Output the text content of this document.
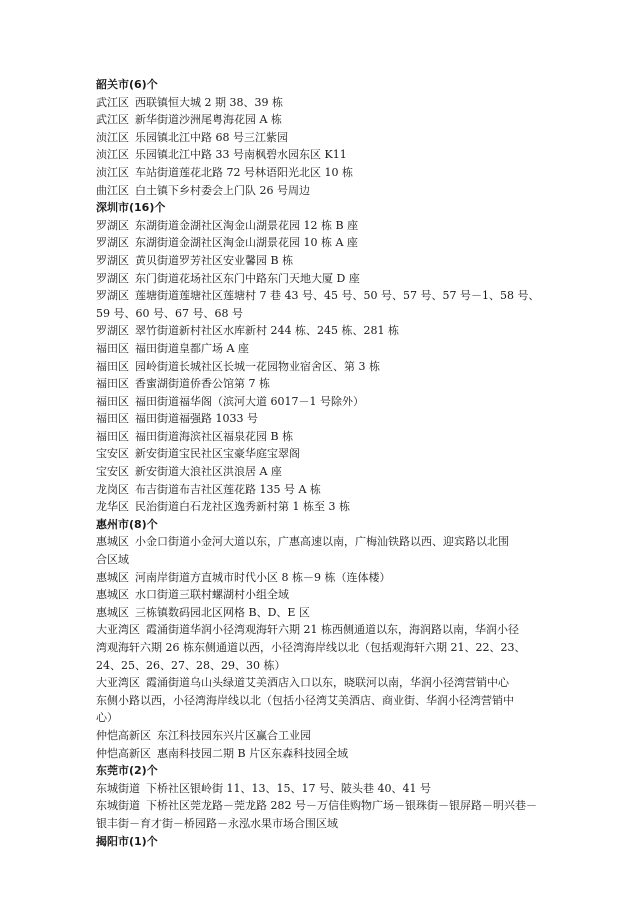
韶关市(6)个
武江区 西联镇恒大城 2 期 38、39 栋
武江区 新华街道沙洲尾粤海花园 A 栋
浈江区 乐园镇北江中路 68 号三江紫园
浈江区 乐园镇北江中路 33 号南枫碧水园东区 K11
浈江区 车站街道莲花北路 72 号林语阳光北区 10 栋
曲江区 白土镇下乡村委会上门队 26 号周边
深圳市(16)个
罗湖区 东湖街道金湖社区淘金山湖景花园 12 栋 B 座
罗湖区 东湖街道金湖社区淘金山湖景花园 10 栋 A 座
罗湖区 黄贝街道罗芳社区安业馨园 B 栋
罗湖区 东门街道花场社区东门中路东门天地大厦 D 座
罗湖区 莲塘街道莲塘社区莲塘村 7 巷 43 号、45 号、50 号、57 号、57 号－1、58 号、
59 号、60 号、67 号、68 号
罗湖区 翠竹街道新村社区水库新村 244 栋、245 栋、281 栋
福田区 福田街道皇都广场 A 座
福田区 园岭街道长城社区长城一花园物业宿舍区、第 3 栋
福田区 香蜜湖街道侨香公馆第 7 栋
福田区 福田街道福华阁（滨河大道 6017－1 号除外）
福田区 福田街道福强路 1033 号
福田区 福田街道海滨社区福泉花园 B 栋
宝安区 新安街道宝民社区宝豪华庭宝翠阁
宝安区 新安街道大浪社区洪浪居 A 座
龙岗区 布吉街道布吉社区莲花路 135 号 A 栋
龙华区 民治街道白石龙社区逸秀新村第 1 栋至 3 栋
惠州市(8)个
惠城区 小金口街道小金河大道以东，广惠高速以南，广梅汕铁路以西、迎宾路以北围
合区域
惠城区 河南岸街道方直城市时代小区 8 栋－9 栋（连体楼）
惠城区 水口街道三联村螺湖村小组全域
惠城区 三栋镇数码园北区网格 B、D、E 区
大亚湾区 霞涌街道华润小径湾观海轩六期 21 栋西侧通道以东，海润路以南，华润小径
湾观海轩六期 26 栋东侧通道以西，小径湾海岸线以北（包括观海轩六期 21、22、23、
24、25、26、27、28、29、30 栋）
大亚湾区 霞涌街道乌山头绿道艾美酒店入口以东，晓联河以南，华润小径湾营销中心
东侧小路以西，小径湾海岸线以北（包括小径湾艾美酒店、商业街、华润小径湾营销中
心）
仲恺高新区 东江科技园东兴片区赢合工业园
仲恺高新区 惠南科技园二期 B 片区东森科技园全域
东莞市(2)个
东城街道 下桥社区银岭街 11、13、15、17 号、陂头巷 40、41 号
东城街道 下桥社区莞龙路－莞龙路 282 号－万信佳购物广场－银珠街－银屏路－明兴巷－
银丰街－育才街－桥园路－永泓水果市场合围区域
揭阳市(1)个
